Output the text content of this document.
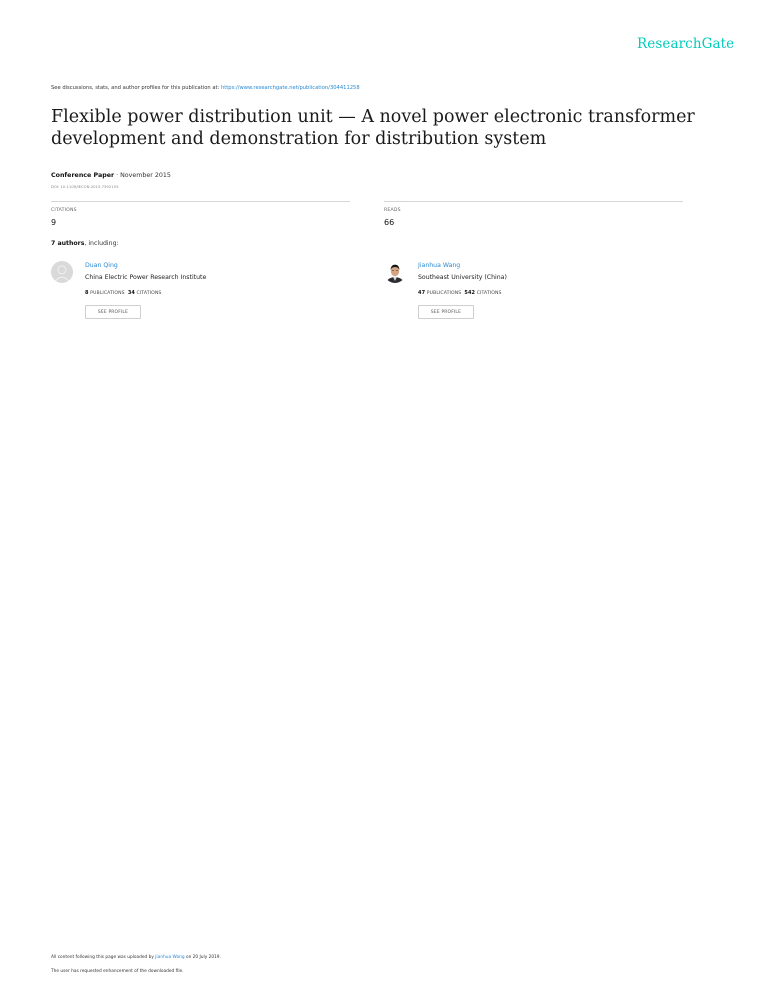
ResearchGate
See discussions, stats, and author profiles for this publication at: https://www.researchgate.net/publication/304411258
Flexible power distribution unit — A novel power electronic transformer development and demonstration for distribution system
Conference Paper · November 2015
DOI: 10.1109/IECON.2015.7392155
CITATIONS
9
READS
66
7 authors, including:
Duan Qing
China Electric Power Research Institute
8 PUBLICATIONS 34 CITATIONS
SEE PROFILE
Jianhua Wang
Southeast University (China)
47 PUBLICATIONS 542 CITATIONS
SEE PROFILE
All content following this page was uploaded by Jianhua Wang on 20 July 2019.
The user has requested enhancement of the downloaded file.
